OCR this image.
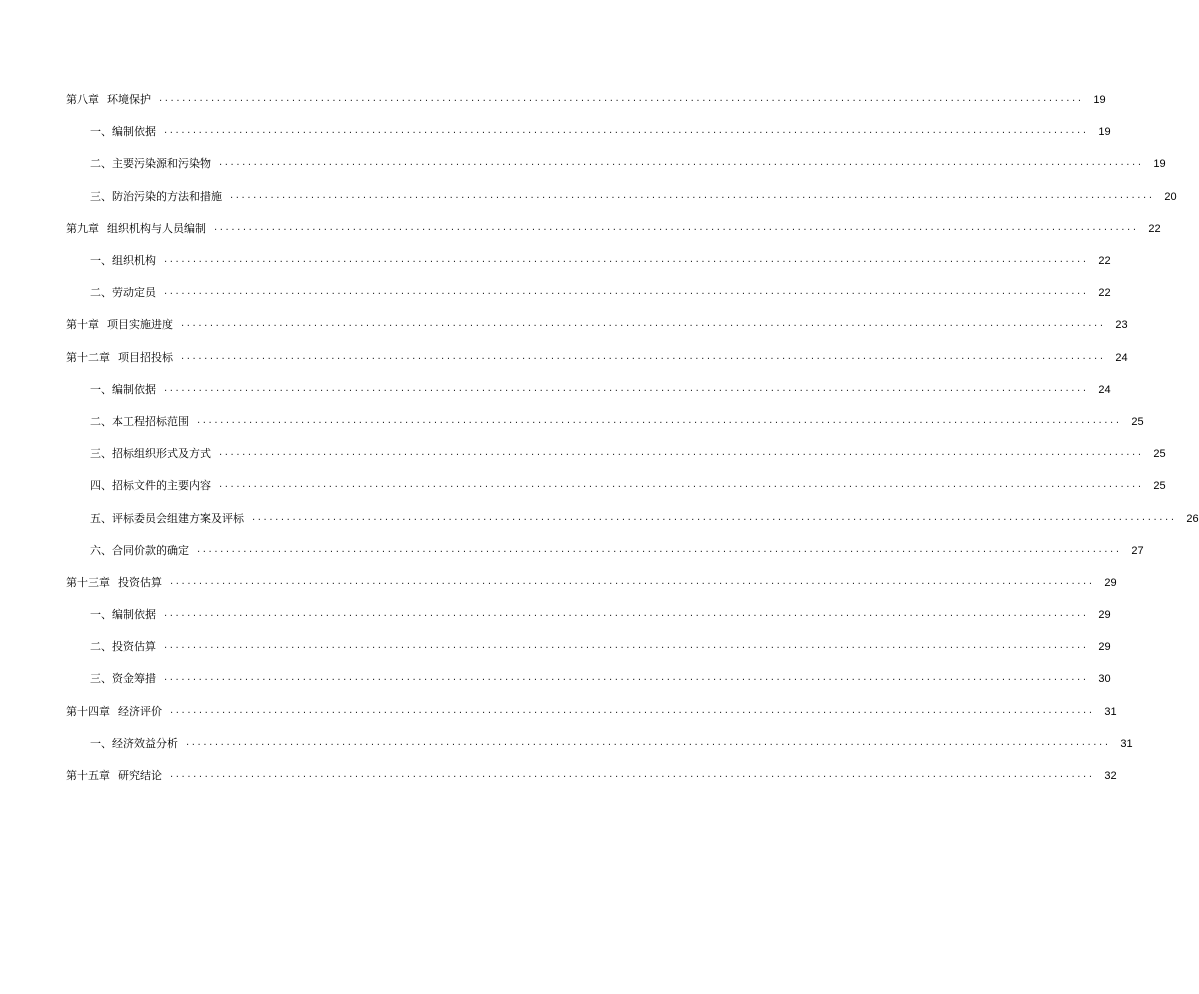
第八章 环境保护 ................................................................................................................................................................ 19
一、编制依据 ................................................................................................................................................................ 19
二、主要污染源和污染物 ................................................................................................................................................................ 19
三、防治污染的方法和措施 ................................................................................................................................................................ 20
第九章 组织机构与人员编制 ................................................................................................................................................................ 22
一、组织机构 ................................................................................................................................................................ 22
二、劳动定员 ................................................................................................................................................................ 22
第十章 项目实施进度 ................................................................................................................................................................ 23
第十二章 项目招投标 ................................................................................................................................................................ 24
一、编制依据 ................................................................................................................................................................ 24
二、本工程招标范围 ................................................................................................................................................................ 25
三、招标组织形式及方式 ................................................................................................................................................................ 25
四、招标文件的主要内容 ................................................................................................................................................................ 25
五、评标委员会组建方案及评标 ................................................................................................................................................................ 26
六、合同价款的确定 ................................................................................................................................................................ 27
第十三章 投资估算 ................................................................................................................................................................ 29
一、编制依据 ................................................................................................................................................................ 29
二、投资估算 ................................................................................................................................................................ 29
三、资金筹措 ................................................................................................................................................................ 30
第十四章 经济评价 ................................................................................................................................................................ 31
一、经济效益分析 ................................................................................................................................................................ 31
第十五章 研究结论 ................................................................................................................................................................ 32
